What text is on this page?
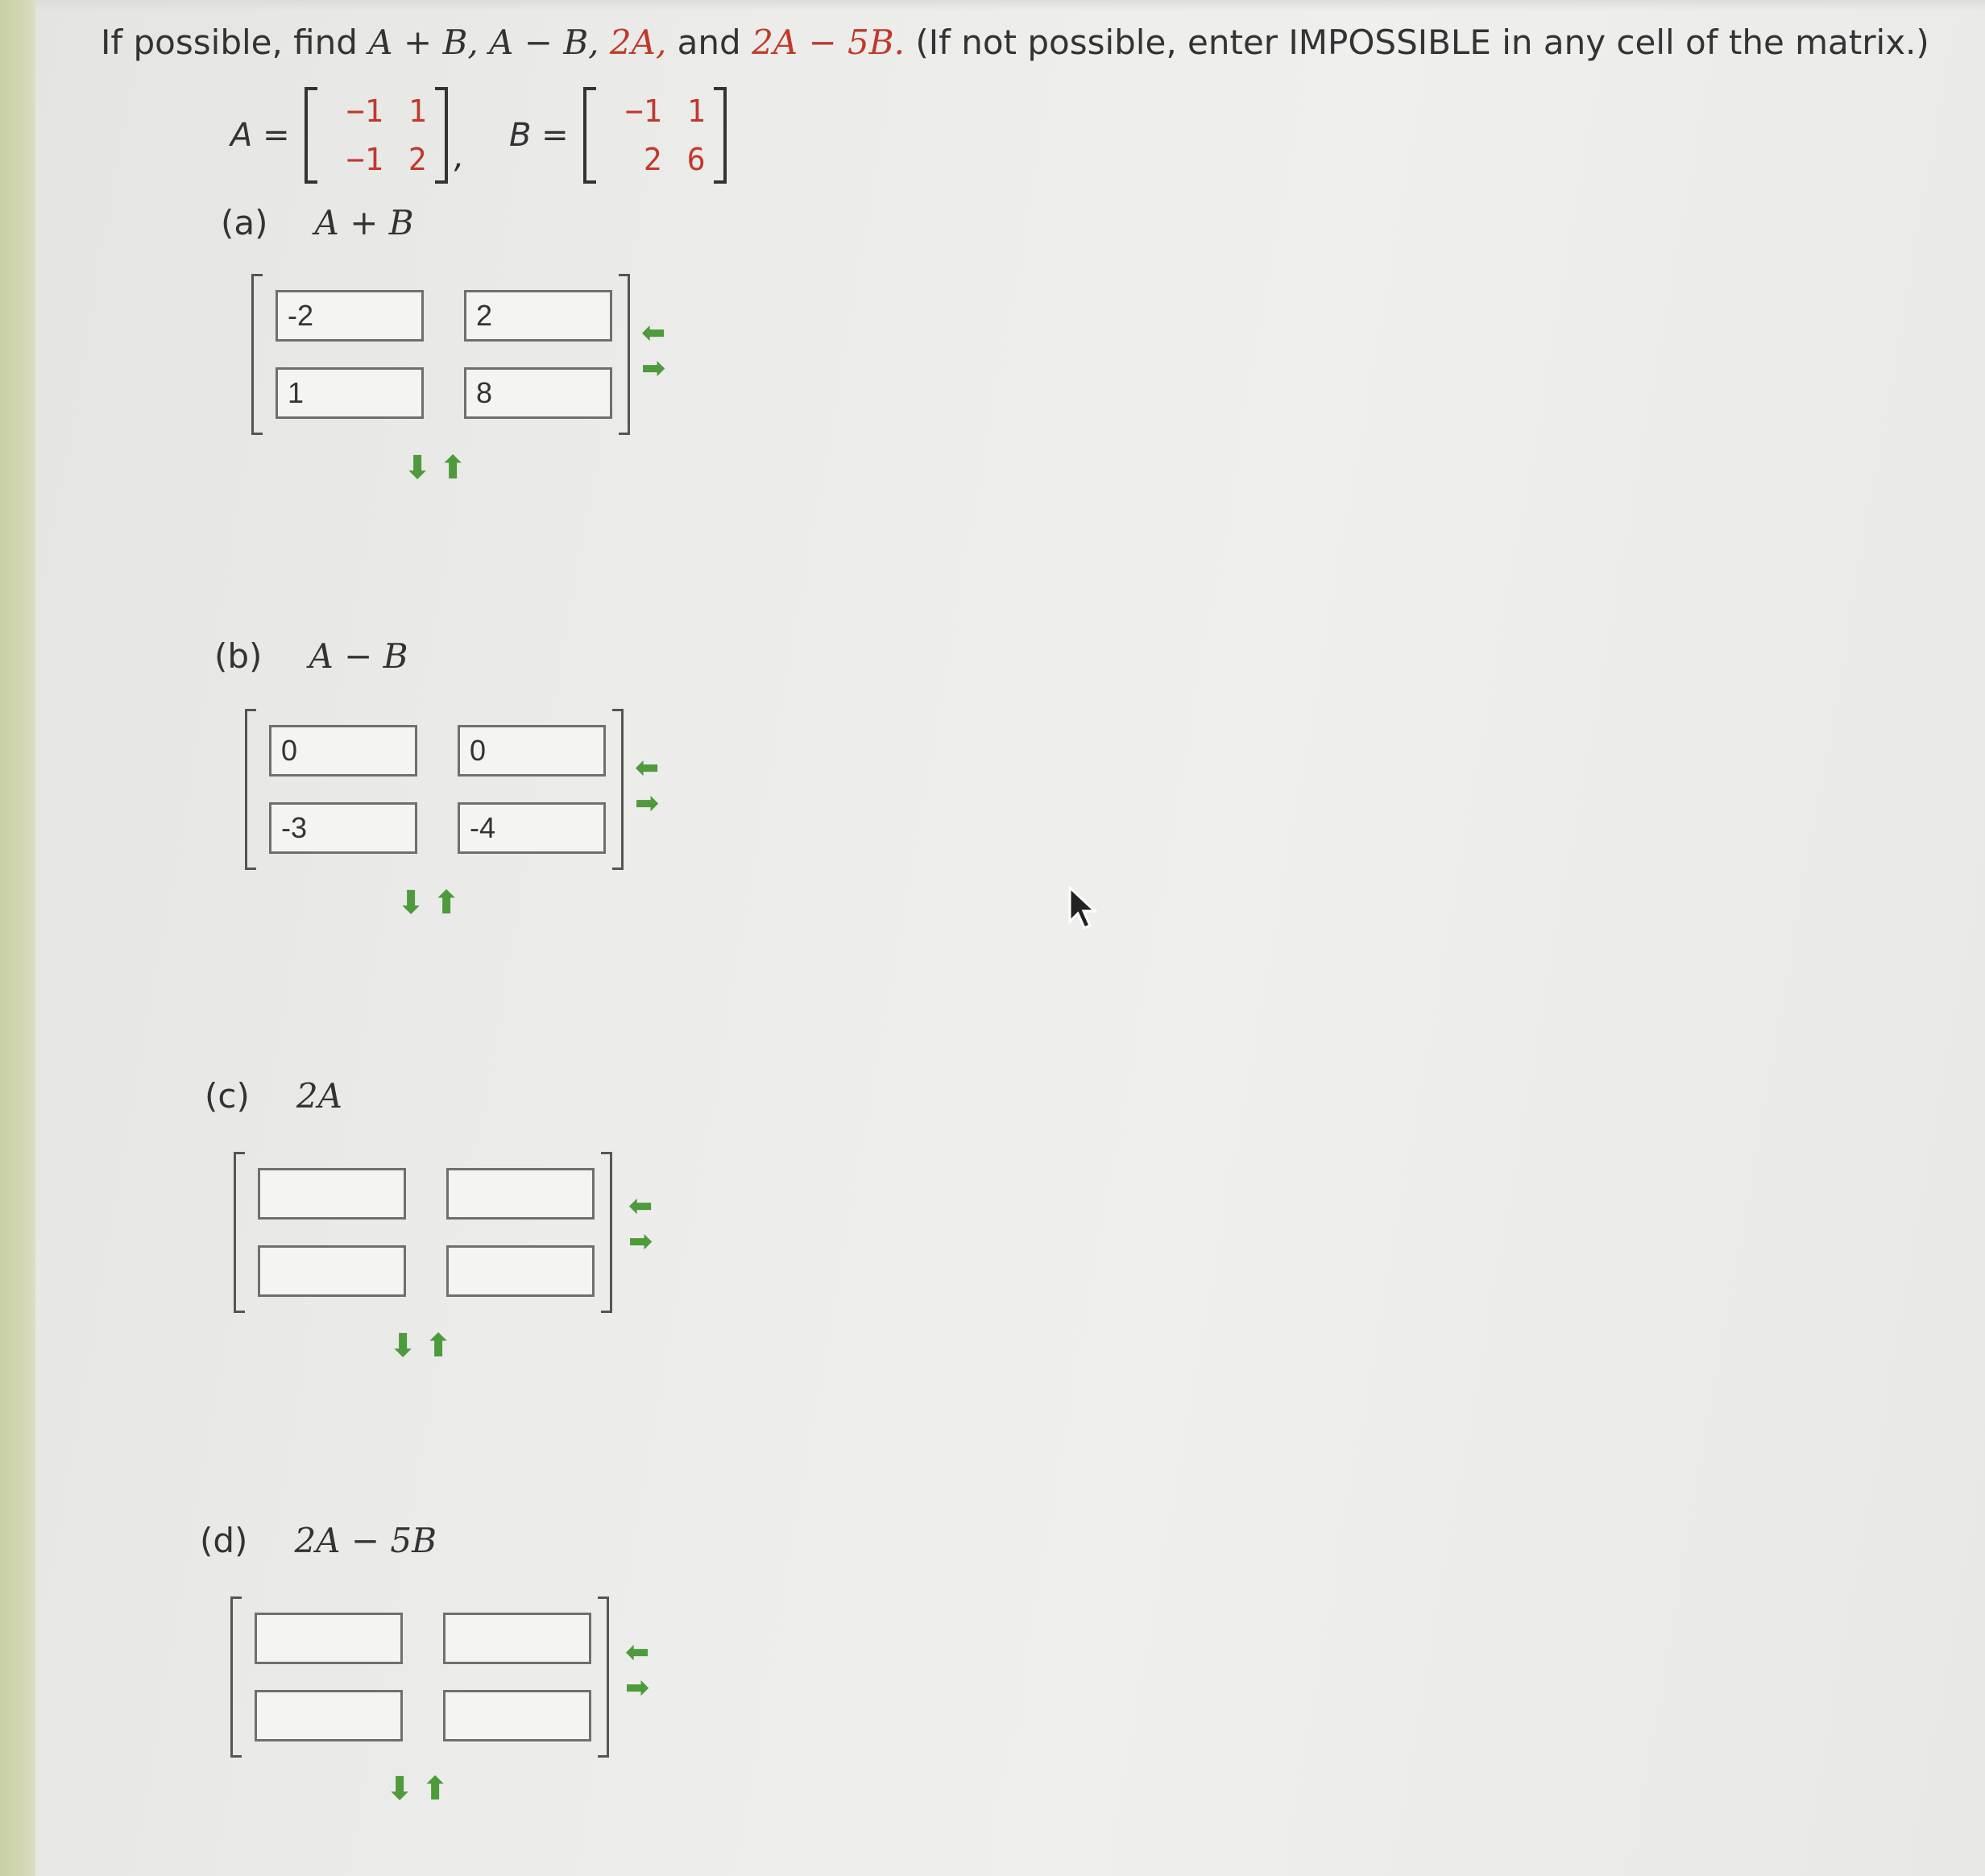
If possible, find A + B, A − B, 2A, and 2A − 5B. (If not possible, enter IMPOSSIBLE in any cell of the matrix.)
A =
−1 1
−1 2 ,
B =
−1 1
2 6
(a) A + B
-2	2
1	8
⬅
➡
⬇ ⬆
(b) A − B
0	0
-3	-4
⬅
➡
⬇ ⬆
(c) 2A
⬅
➡
⬇ ⬆
(d) 2A − 5B
⬅
➡
⬇ ⬆
